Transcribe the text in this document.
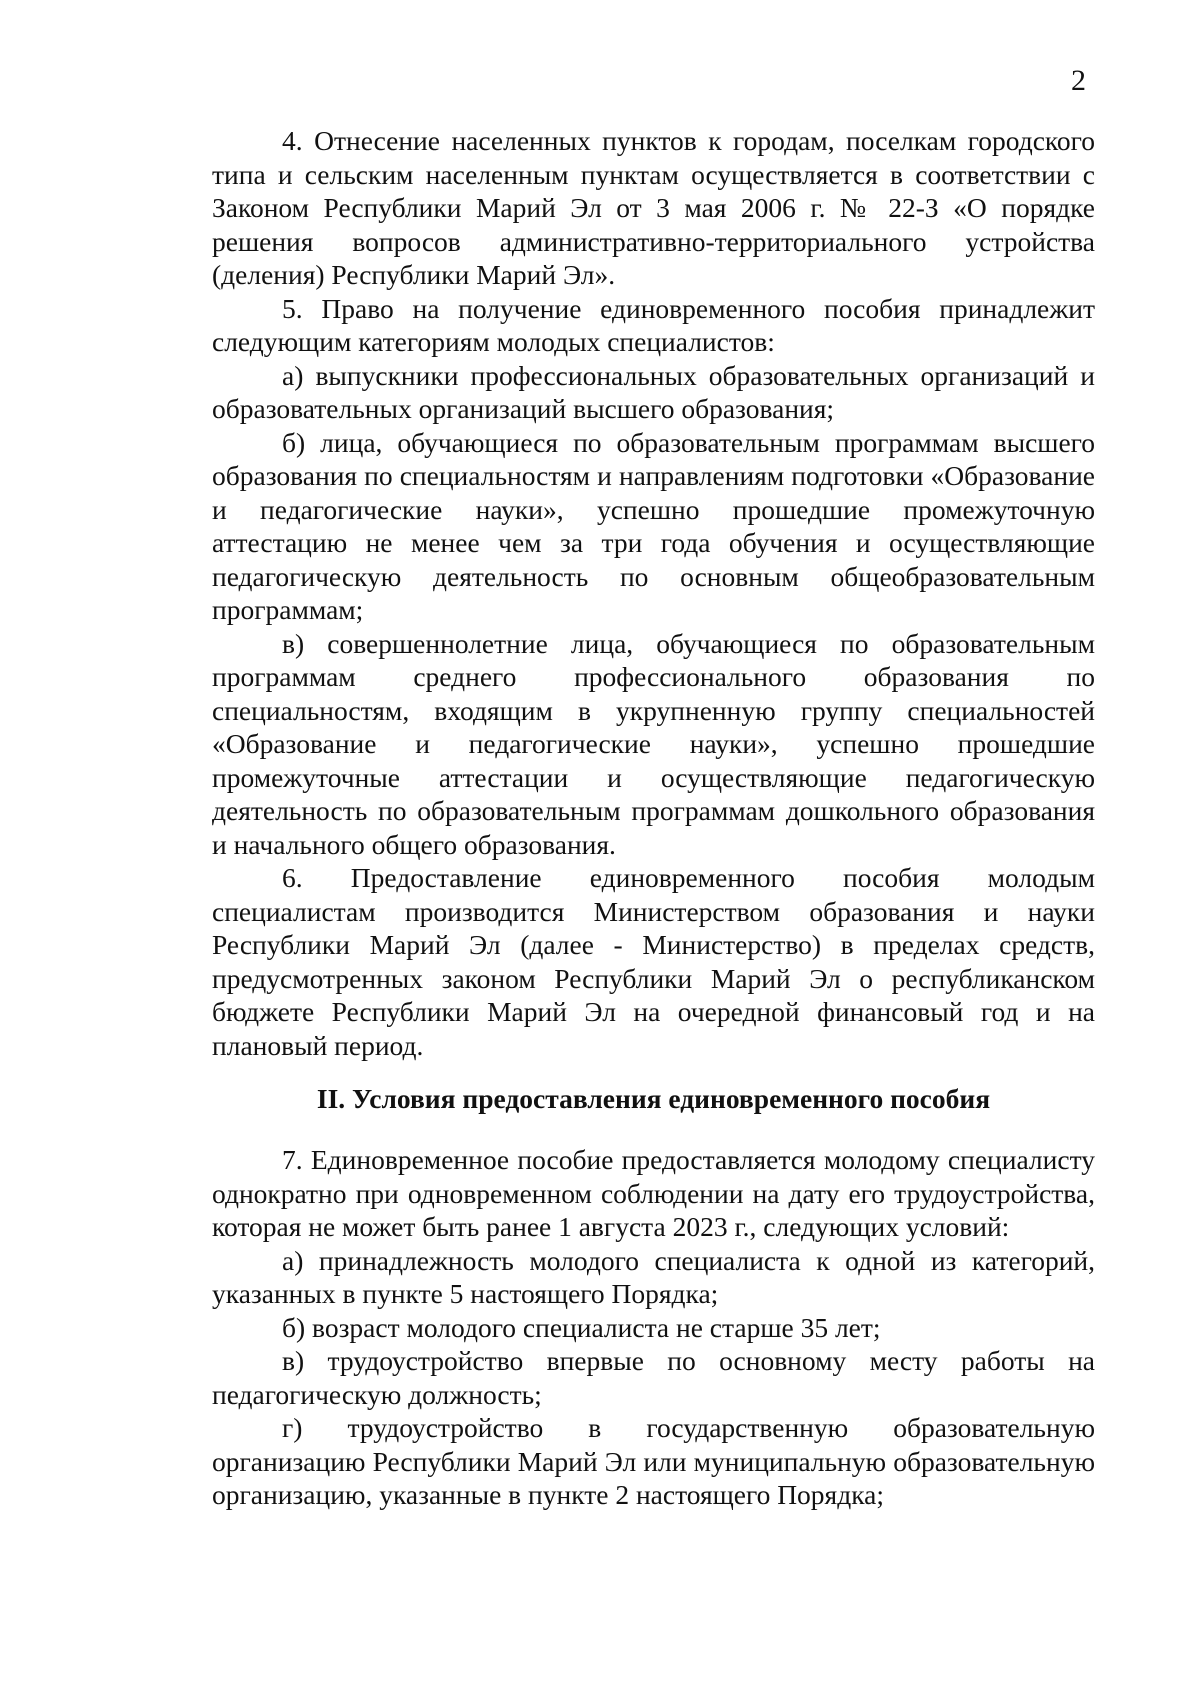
2

4. Отнесение населенных пунктов к городам, поселкам городского типа и сельским населенным пунктам осуществляется в соответствии с Законом Республики Марий Эл от 3 мая 2006 г. № 22-З «О порядке решения вопросов административно-территориального устройства (деления) Республики Марий Эл».

5. Право на получение единовременного пособия принадлежит следующим категориям молодых специалистов:

а) выпускники профессиональных образовательных организаций и образовательных организаций высшего образования;

б) лица, обучающиеся по образовательным программам высшего образования по специальностям и направлениям подготовки «Образование и педагогические науки», успешно прошедшие промежуточную аттестацию не менее чем за три года обучения и осуществляющие педагогическую деятельность по основным общеобразовательным программам;

в) совершеннолетние лица, обучающиеся по образовательным программам среднего профессионального образования по специальностям, входящим в укрупненную группу специальностей «Образование и педагогические науки», успешно прошедшие промежуточные аттестации и осуществляющие педагогическую деятельность по образовательным программам дошкольного образования и начального общего образования.

6. Предоставление единовременного пособия молодым специалистам производится Министерством образования и науки Республики Марий Эл (далее - Министерство) в пределах средств, предусмотренных законом Республики Марий Эл о республиканском бюджете Республики Марий Эл на очередной финансовый год и на плановый период.

II. Условия предоставления единовременного пособия

7. Единовременное пособие предоставляется молодому специалисту однократно при одновременном соблюдении на дату его трудоустройства, которая не может быть ранее 1 августа 2023 г., следующих условий:

а) принадлежность молодого специалиста к одной из категорий, указанных в пункте 5 настоящего Порядка;

б) возраст молодого специалиста не старше 35 лет;

в) трудоустройство впервые по основному месту работы на педагогическую должность;

г) трудоустройство в государственную образовательную организацию Республики Марий Эл или муниципальную образовательную организацию, указанные в пункте 2 настоящего Порядка;
